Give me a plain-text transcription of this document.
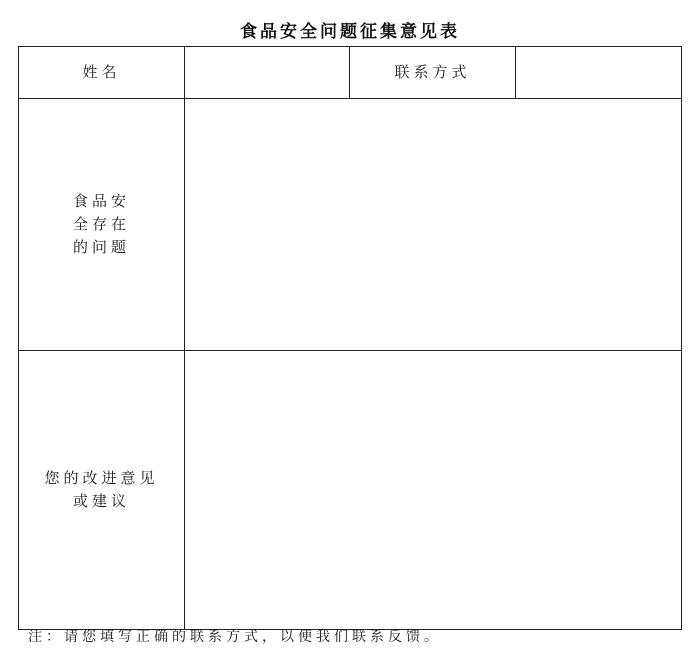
食品安全问题征集意见表
姓名		联系方式	

食品安
全存在
的问题			

您的改进意见
或建议			

注：请您填写正确的联系方式，以便我们联系反馈。
